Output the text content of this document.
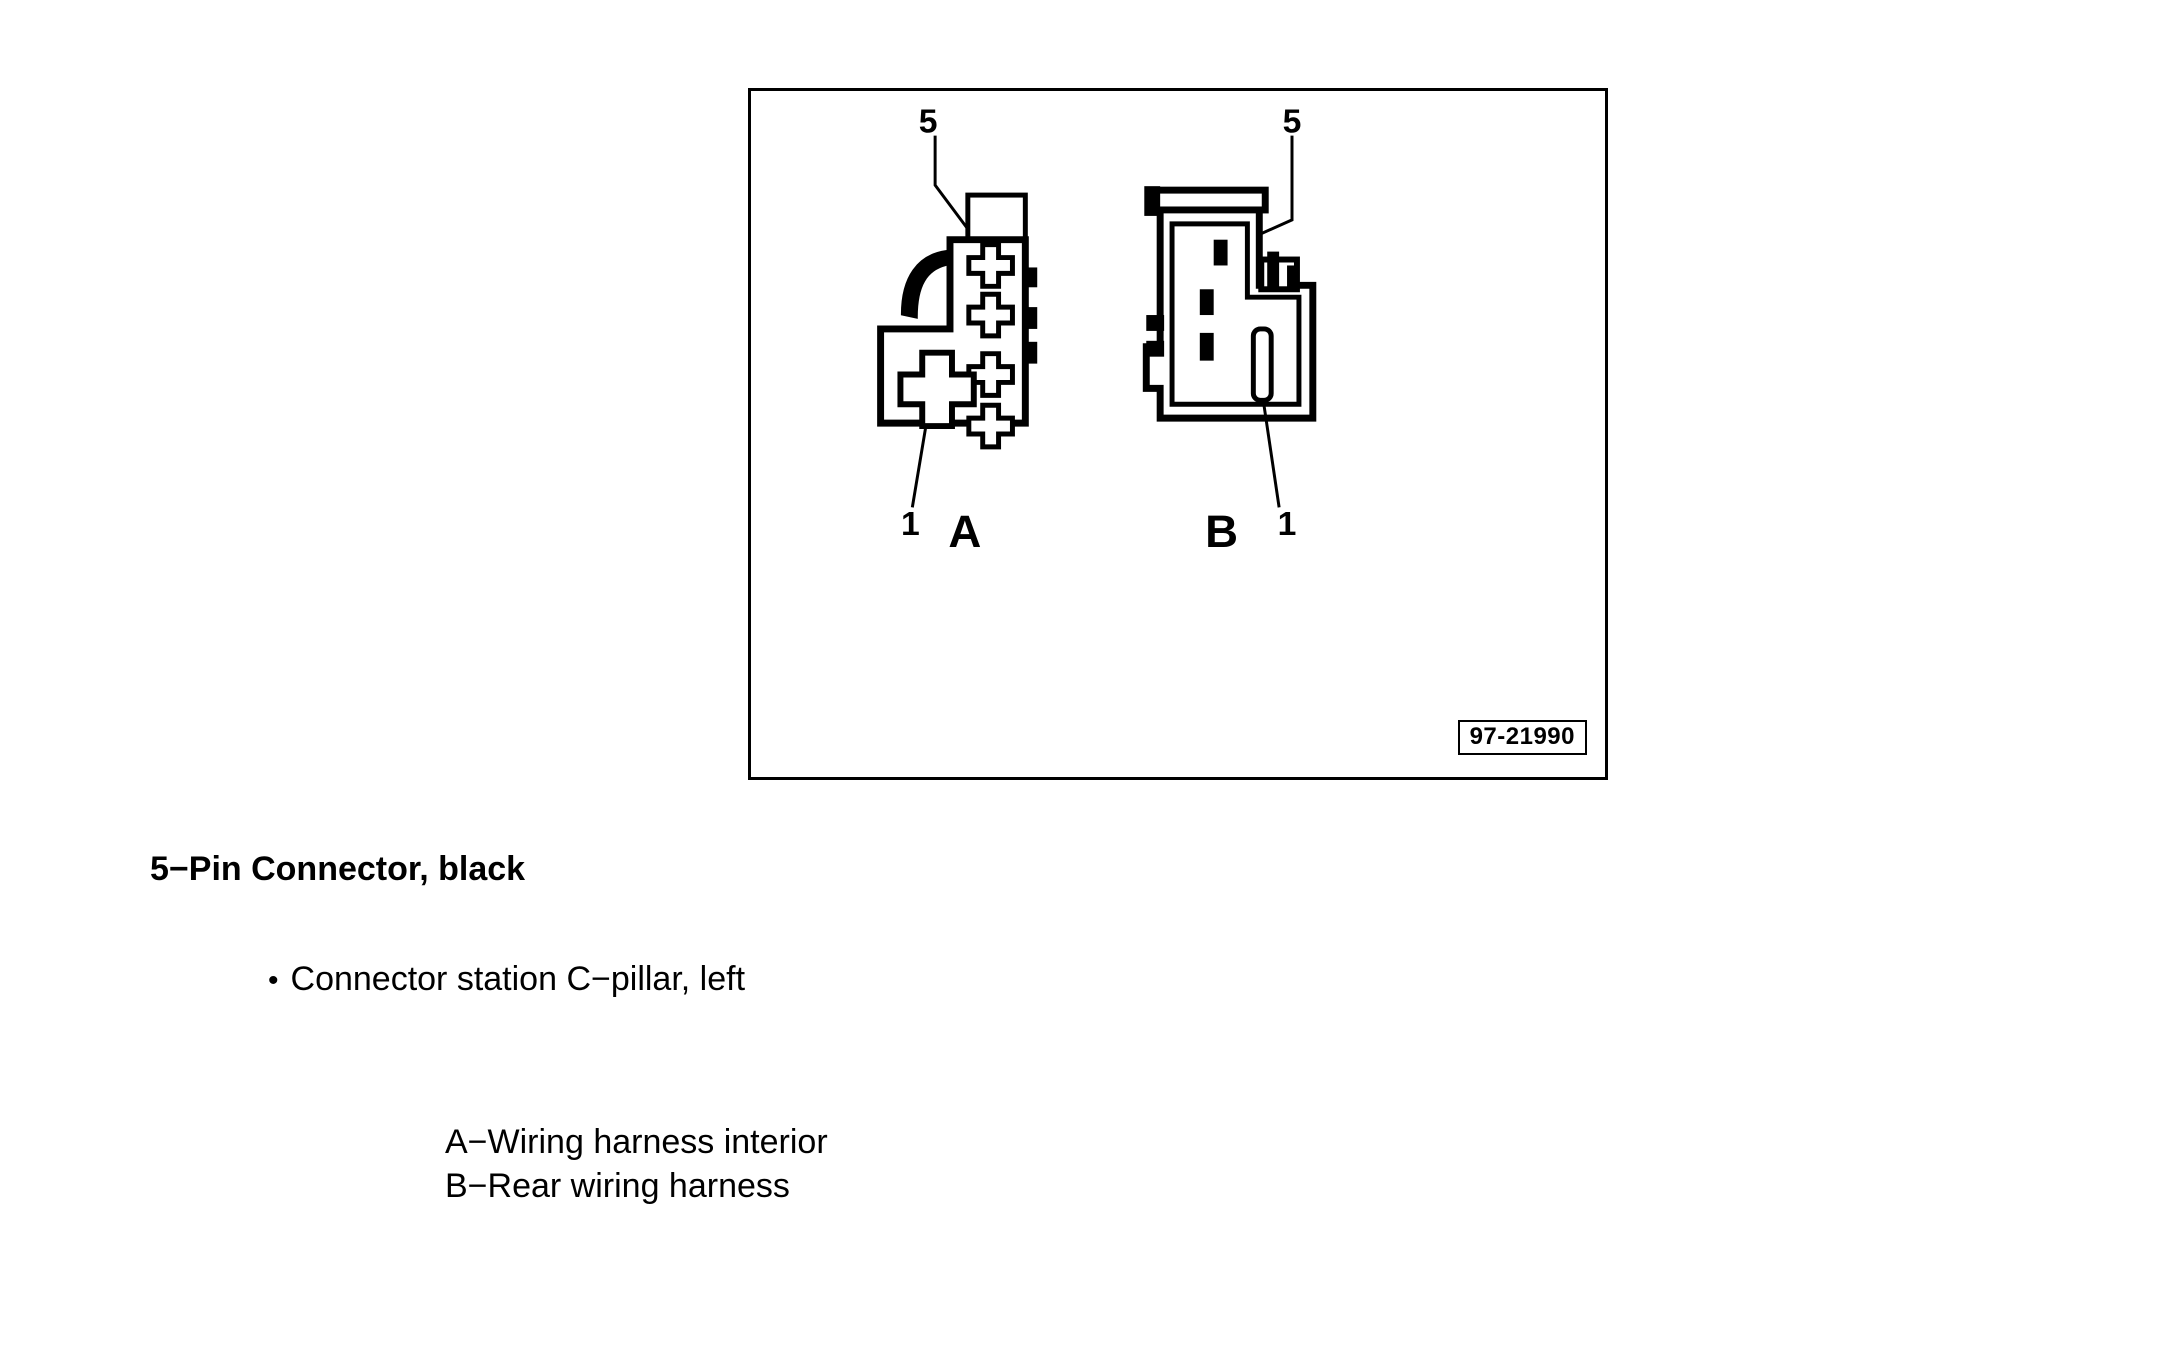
5	5
1	1
A	B
97-21990
5−Pin Connector, black
• Connector station C−pillar, left
A−Wiring harness interior
B−Rear wiring harness
